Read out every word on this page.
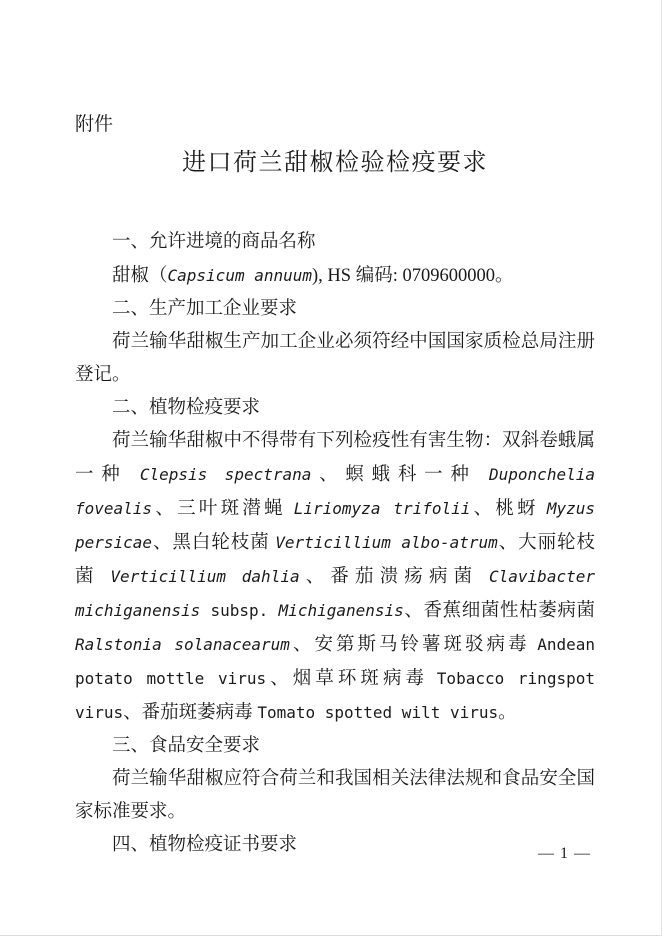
附件
进口荷兰甜椒检验检疫要求
一、允许进境的商品名称

甜椒（Capsicum annuum), HS 编码: 0709600000。

二、生产加工企业要求

荷兰输华甜椒生产加工企业必须符经中国国家质检总局注册登记。

二、植物检疫要求

荷兰输华甜椒中不得带有下列检疫性有害生物：双斜卷蛾属一种 Clepsis spectrana、螟蛾科一种 Duponchelia fovealis、三叶斑潜蝇 Liriomyza trifolii、桃蚜 Myzus persicae、黑白轮枝菌 Verticillium albo-atrum、大丽轮枝菌 Verticillium dahlia、番茄溃疡病菌 Clavibacter michiganensis subsp. Michiganensis、香蕉细菌性枯萎病菌 Ralstonia solanacearum、安第斯马铃薯斑驳病毒 Andean potato mottle virus、烟草环斑病毒 Tobacco ringspot virus、番茄斑萎病毒 Tomato spotted wilt virus。

三、食品安全要求

荷兰输华甜椒应符合荷兰和我国相关法律法规和食品安全国家标准要求。

四、植物检疫证书要求	— 1 —
